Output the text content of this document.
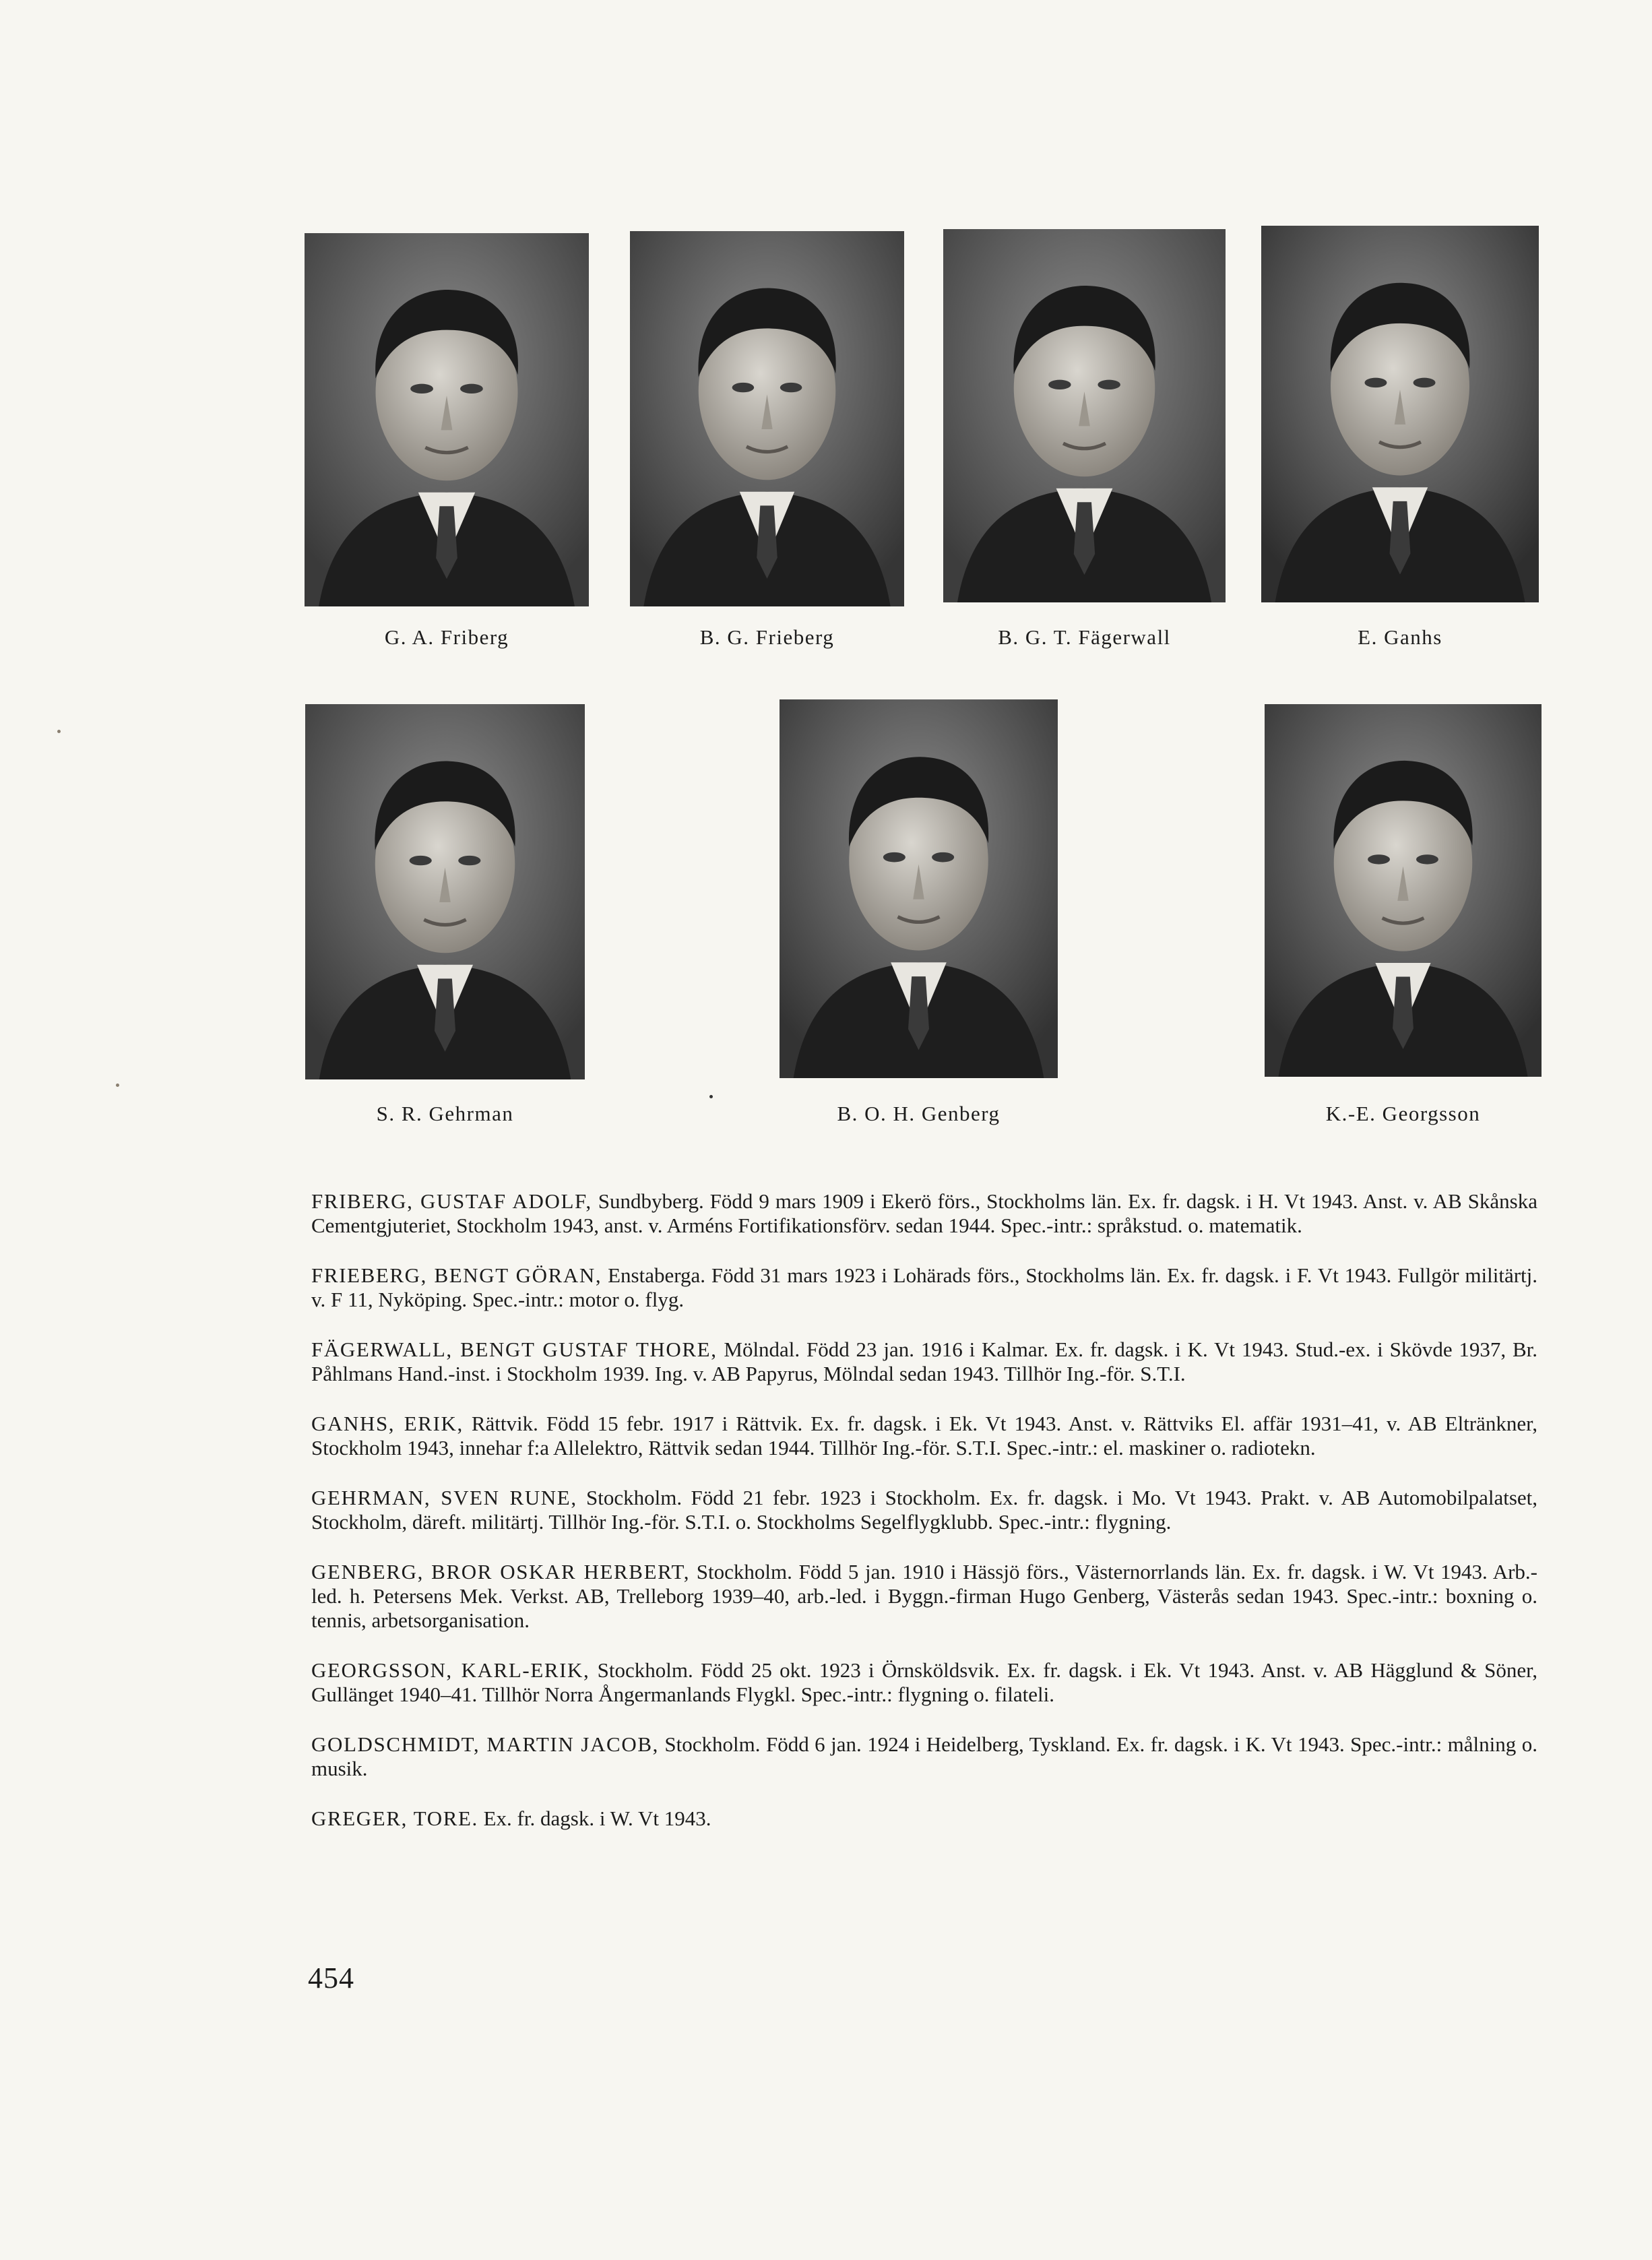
G. A. Friberg	B. G. Frieberg	B. G. T. Fägerwall	E. Ganhs
S. R. Gehrman	B. O. H. Genberg	K.-E. Georgsson

FRIBERG, GUSTAF ADOLF, Sundbyberg. Född 9 mars 1909 i Ekerö förs., Stockholms län. Ex. fr. dagsk. i H. Vt 1943. Anst. v. AB Skånska Cementgjuteriet, Stockholm 1943, anst. v. Arméns Fortifikationsförv. sedan 1944. Spec.-intr.: språkstud. o. matematik.

FRIEBERG, BENGT GÖRAN, Enstaberga. Född 31 mars 1923 i Lohärads förs., Stockholms län. Ex. fr. dagsk. i F. Vt 1943. Fullgör militärtj. v. F 11, Nyköping. Spec.-intr.: motor o. flyg.

FÄGERWALL, BENGT GUSTAF THORE, Mölndal. Född 23 jan. 1916 i Kalmar. Ex. fr. dagsk. i K. Vt 1943. Stud.-ex. i Skövde 1937, Br. Påhlmans Hand.-inst. i Stockholm 1939. Ing. v. AB Papyrus, Mölndal sedan 1943. Tillhör Ing.-för. S.T.I.

GANHS, ERIK, Rättvik. Född 15 febr. 1917 i Rättvik. Ex. fr. dagsk. i Ek. Vt 1943. Anst. v. Rättviks El. affär 1931–41, v. AB Eltränkner, Stockholm 1943, innehar f:a Allelektro, Rättvik sedan 1944. Tillhör Ing.-för. S.T.I. Spec.-intr.: el. maskiner o. radiotekn.

GEHRMAN, SVEN RUNE, Stockholm. Född 21 febr. 1923 i Stockholm. Ex. fr. dagsk. i Mo. Vt 1943. Prakt. v. AB Automobilpalatset, Stockholm, däreft. militärtj. Tillhör Ing.-för. S.T.I. o. Stockholms Segelflygklubb. Spec.-intr.: flygning.

GENBERG, BROR OSKAR HERBERT, Stockholm. Född 5 jan. 1910 i Hässjö förs., Västernorrlands län. Ex. fr. dagsk. i W. Vt 1943. Arb.-led. h. Petersens Mek. Verkst. AB, Trelleborg 1939–40, arb.-led. i Byggn.-firman Hugo Genberg, Västerås sedan 1943. Spec.-intr.: boxning o. tennis, arbetsorganisation.

GEORGSSON, KARL-ERIK, Stockholm. Född 25 okt. 1923 i Örnsköldsvik. Ex. fr. dagsk. i Ek. Vt 1943. Anst. v. AB Hägglund & Söner, Gullänget 1940–41. Tillhör Norra Ångermanlands Flygkl. Spec.-intr.: flygning o. filateli.

GOLDSCHMIDT, MARTIN JACOB, Stockholm. Född 6 jan. 1924 i Heidelberg, Tyskland. Ex. fr. dagsk. i K. Vt 1943. Spec.-intr.: målning o. musik.

GREGER, TORE. Ex. fr. dagsk. i W. Vt 1943.

454
